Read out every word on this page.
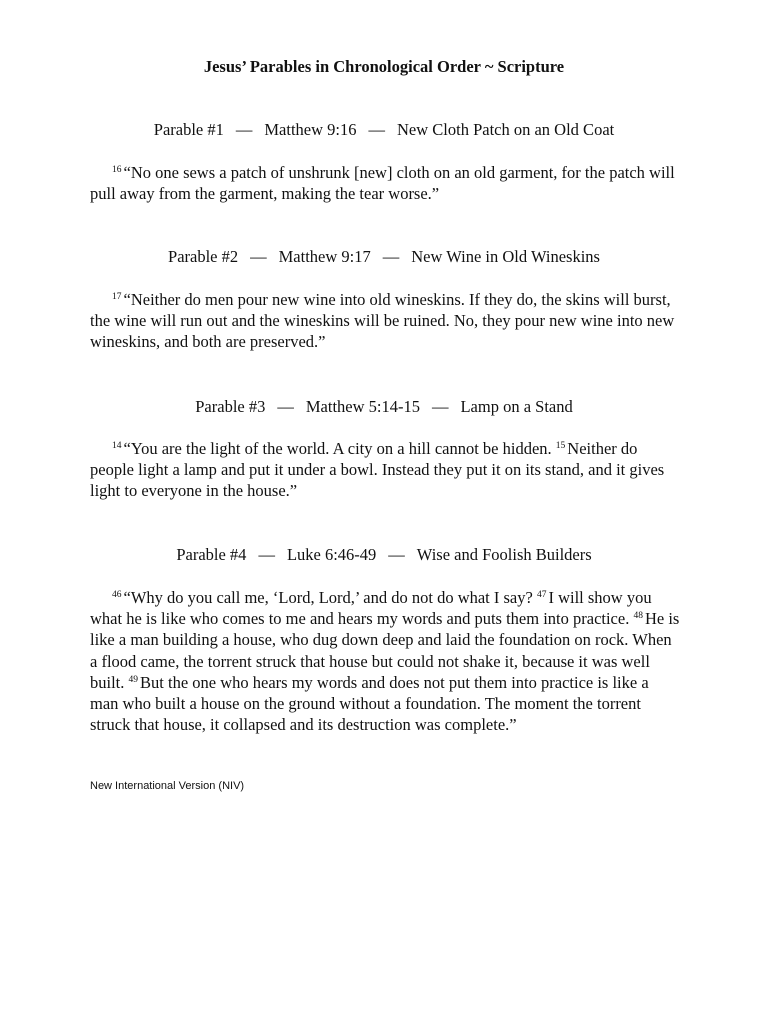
Jesus’ Parables in Chronological Order ~ Scripture

Parable #1 — Matthew 9:16 — New Cloth Patch on an Old Coat

$^{16}$ “No one sews a patch of unshrunk [new] cloth on an old garment, for the patch will pull away from the garment, making the tear worse.”

Parable #2 — Matthew 9:17 — New Wine in Old Wineskins

$^{17}$ “Neither do men pour new wine into old wineskins. If they do, the skins will burst, the wine will run out and the wineskins will be ruined. No, they pour new wine into new wineskins, and both are preserved.”

Parable #3 — Matthew 5:14-15 — Lamp on a Stand

$^{14}$ “You are the light of the world. A city on a hill cannot be hidden. $^{15}$ Neither do people light a lamp and put it under a bowl. Instead they put it on its stand, and it gives light to everyone in the house.”

Parable #4 — Luke 6:46-49 — Wise and Foolish Builders

$^{46}$ “Why do you call me, ‘Lord, Lord,’ and do not do what I say? $^{47}$ I will show you what he is like who comes to me and hears my words and puts them into practice. $^{48}$ He is like a man building a house, who dug down deep and laid the foundation on rock. When a flood came, the torrent struck that house but could not shake it, because it was well built. $^{49}$ But the one who hears my words and does not put them into practice is like a man who built a house on the ground without a foundation. The moment the torrent struck that house, it collapsed and its destruction was complete.”

New International Version (NIV)
